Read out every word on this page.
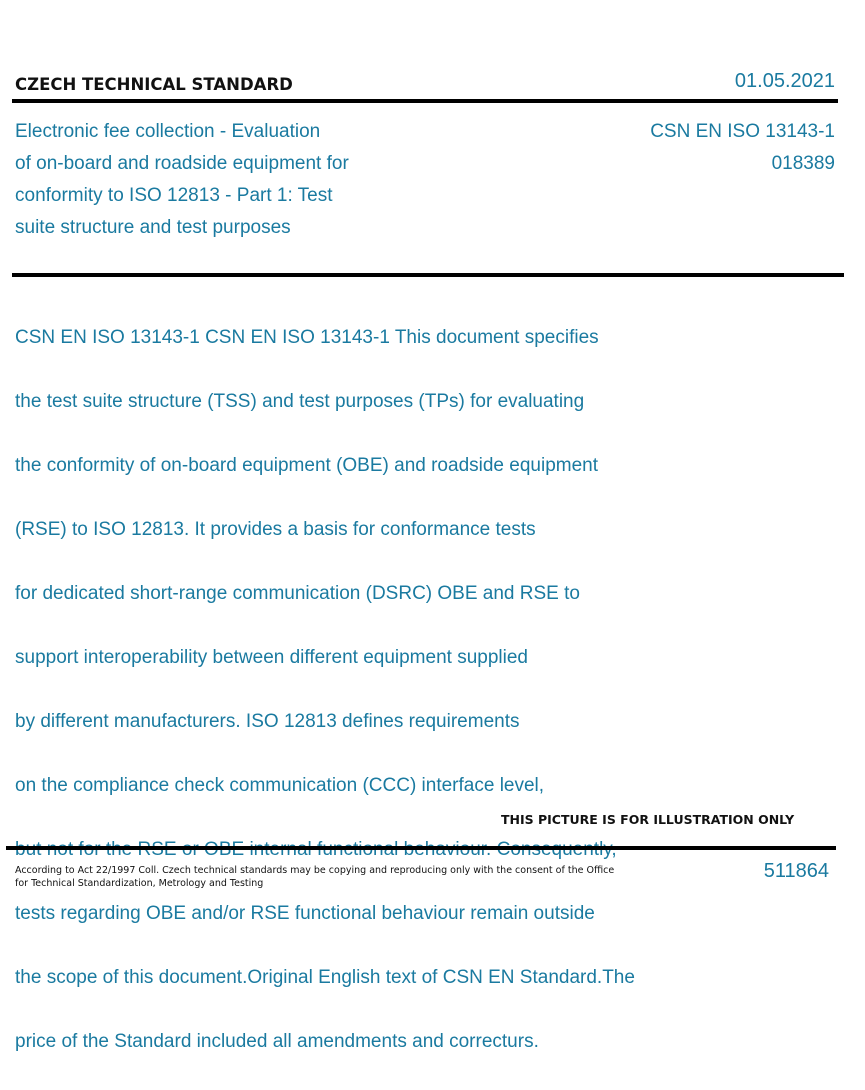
CZECH TECHNICAL STANDARD	01.05.2021
Electronic fee collection - Evaluation
of on-board and roadside equipment for
conformity to ISO 12813 - Part 1: Test
suite structure and test purposes
CSN EN ISO 13143-1
018389

CSN EN ISO 13143-1 CSN EN ISO 13143-1 This document specifies

the test suite structure (TSS) and test purposes (TPs) for evaluating

the conformity of on-board equipment (OBE) and roadside equipment

(RSE) to ISO 12813. It provides a basis for conformance tests

for dedicated short-range communication (DSRC) OBE and RSE to

support interoperability between different equipment supplied

by different manufacturers. ISO 12813 defines requirements

on the compliance check communication (CCC) interface level,

tests regarding OBE and/or RSE functional behaviour remain outside

the scope of this document.Original English text of CSN EN Standard.The

price of the Standard included all amendments and correcturs.

THIS PICTURE IS FOR ILLUSTRATION ONLY
According to Act 22/1997 Coll. Czech technical standards may be copying and reproducing only with the consent of the Office
for Technical Standardization, Metrology and Testing
511864
